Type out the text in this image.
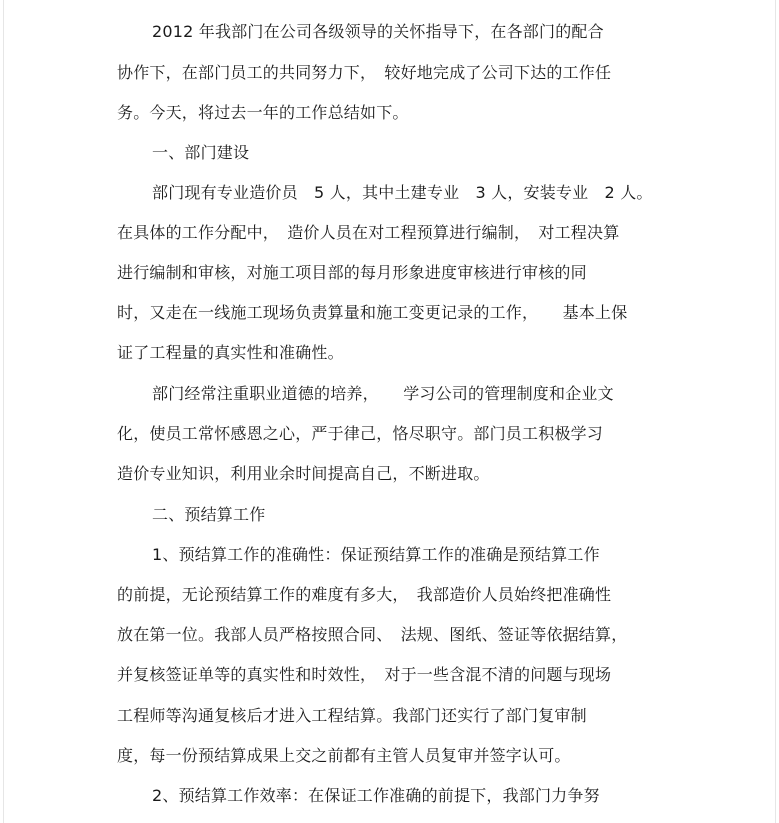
2012 年我部门在公司各级领导的关怀指导下，在各部门的配合
协作下，在部门员工的共同努力下，　较好地完成了公司下达的工作任
务。今天，将过去一年的工作总结如下。
一、部门建设
部门现有专业造价员　5 人，其中土建专业　3 人，安装专业　2 人。
在具体的工作分配中，　造价人员在对工程预算进行编制，　对工程决算
进行编制和审核，对施工项目部的每月形象进度审核进行审核的同
时，又走在一线施工现场负责算量和施工变更记录的工作，　　基本上保
证了工程量的真实性和准确性。
部门经常注重职业道德的培养，　　学习公司的管理制度和企业文
化，使员工常怀感恩之心，严于律己，恪尽职守。部门员工积极学习
造价专业知识，利用业余时间提高自己，不断进取。
二、预结算工作
1、预结算工作的准确性：保证预结算工作的准确是预结算工作
的前提，无论预结算工作的难度有多大，　我部造价人员始终把准确性
放在第一位。我部人员严格按照合同、　法规、图纸、签证等依据结算，
并复核签证单等的真实性和时效性，　对于一些含混不清的问题与现场
工程师等沟通复核后才进入工程结算。我部门还实行了部门复审制
度，每一份预结算成果上交之前都有主管人员复审并签字认可。
2、预结算工作效率：在保证工作准确的前提下，我部门力争努
